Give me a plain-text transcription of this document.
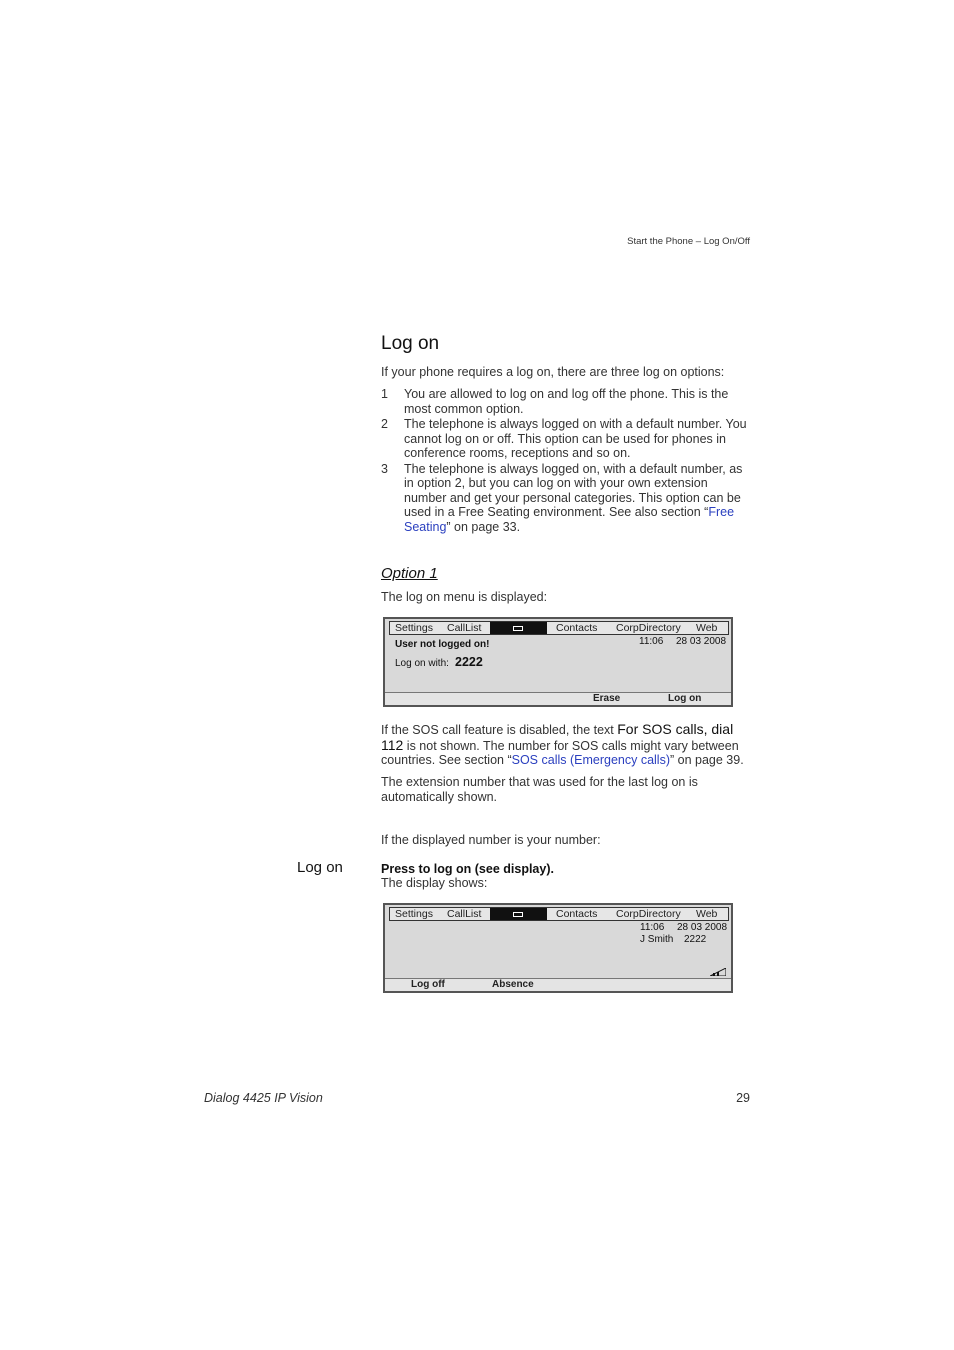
Start the Phone – Log On/Off
Log on
If your phone requires a log on, there are three log on options:
1	You are allowed to log on and log off the phone. This is the most common option.
2	The telephone is always logged on with a default number. You cannot log on or off. This option can be used for phones in conference rooms, receptions and so on.
3	The telephone is always logged on, with a default number, as in option 2, but you can log on with your own extension number and get your personal categories. This option can be used in a Free Seating environment. See also section “Free Seating” on page 33.
Option 1
The log on menu is displayed:
Settings CallList	Contacts CorpDirectory Web
User not logged on!	11:06 28 03 2008
Log on with: 2222
Erase	Log on
If the SOS call feature is disabled, the text For SOS calls, dial 112 is not shown. The number for SOS calls might vary between countries. See section “SOS calls (Emergency calls)” on page 39.
The extension number that was used for the last log on is automatically shown.
If the displayed number is your number:
Log on	Press to log on (see display).
The display shows:
Settings CallList	Contacts CorpDirectory Web
11:06 28 03 2008
J Smith 2222
Log off	Absence
Dialog 4425 IP Vision	29
